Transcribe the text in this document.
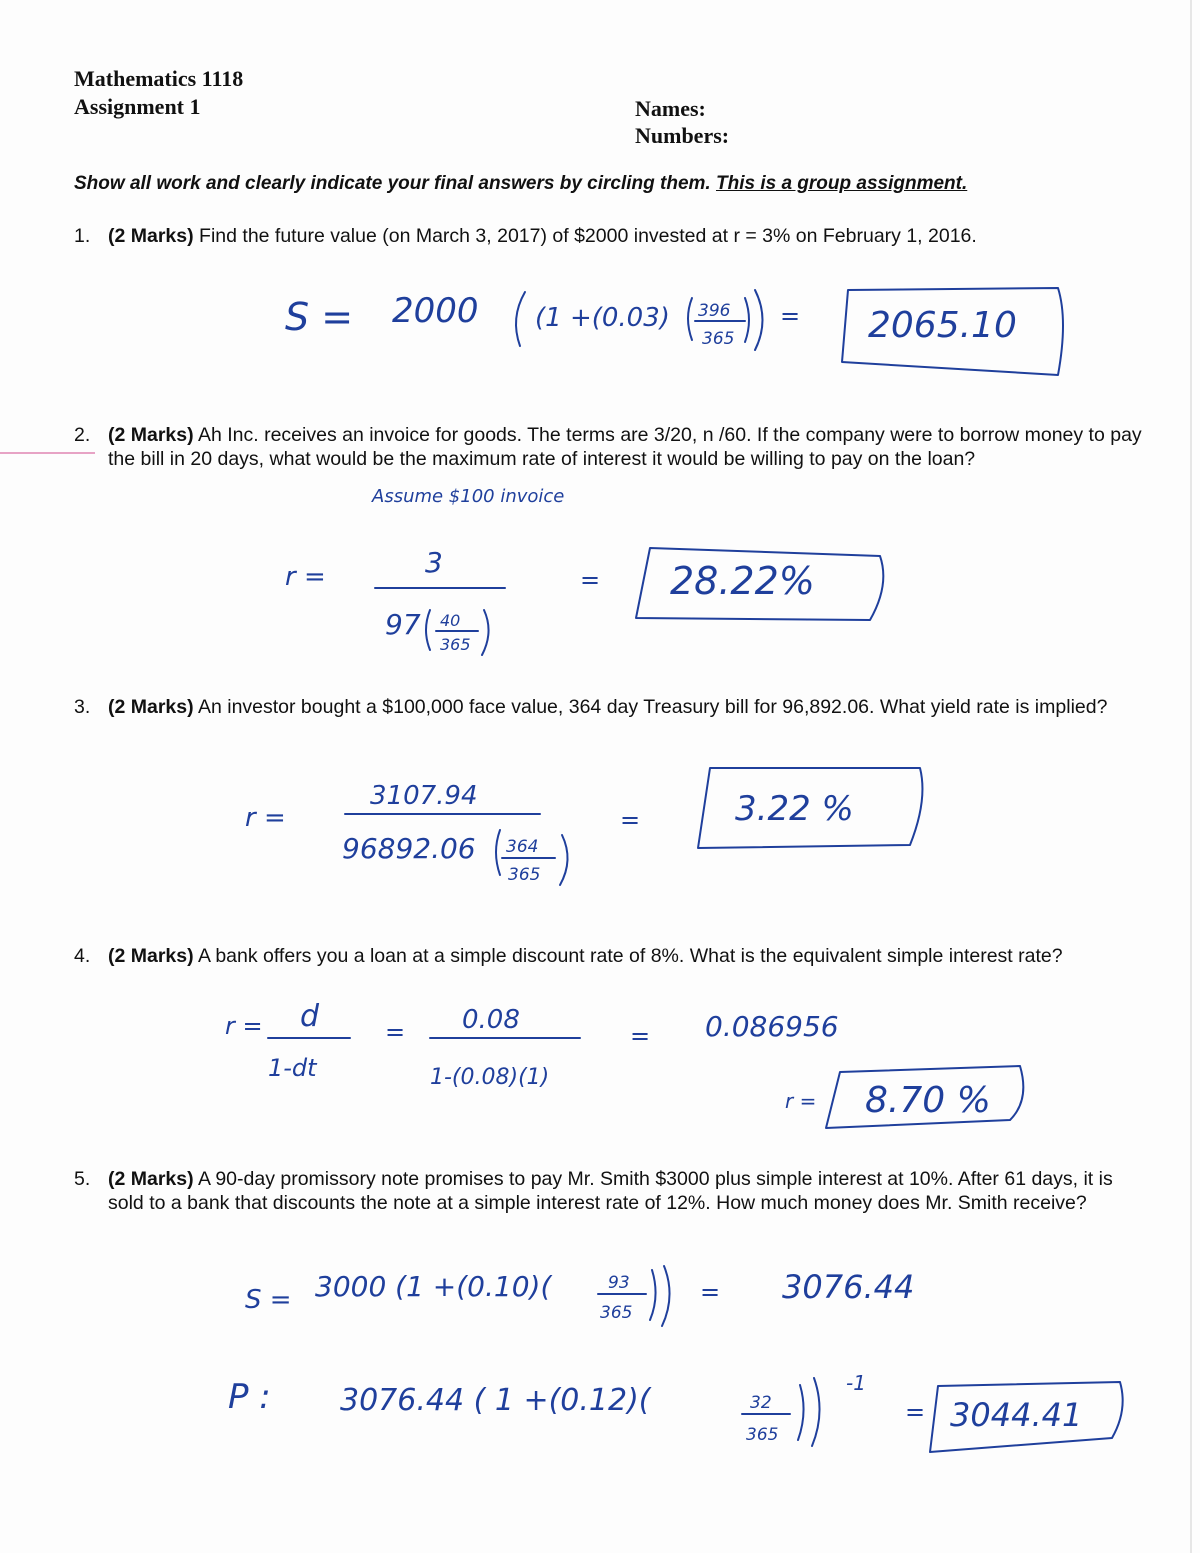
Mathematics 1118
Assignment 1	Names:
Numbers:
Show all work and clearly indicate your final answers by circling them. This is a group assignment.
1. (2 Marks) Find the future value (on March 3, 2017) of $2000 invested at r = 3% on February 1, 2016.
2. (2 Marks) Ah Inc. receives an invoice for goods. The terms are 3/20, n /60. If the company were to borrow money to pay the bill in 20 days, what would be the maximum rate of interest it would be willing to pay on the loan?
3. (2 Marks) An investor bought a $100,000 face value, 364 day Treasury bill for 96,892.06. What yield rate is implied?
4. (2 Marks) A bank offers you a loan at a simple discount rate of 8%. What is the equivalent simple interest rate?
5. (2 Marks) A 90-day promissory note promises to pay Mr. Smith $3000 plus simple interest at 10%. After 61 days, it is sold to a bank that discounts the note at a simple interest rate of 12%. How much money does Mr. Smith receive?
S = 2000 (1 +(0.03) 396
365
= 2065.10
Assume $100 invoice
r =	3
97 40
365
= 28.22%
r =
3107.94
96892.06 364
365
=	3.22 %
r = d
1-dt
= 0.08
1-(0.08)(1)
= 0.086956
r = 8.70 %
S = 3000 (1 +(0.10)(	93
365
= 3076.44
P : 3076.44 ( 1 +(0.12)(	32
365
-1
= 3044.41
